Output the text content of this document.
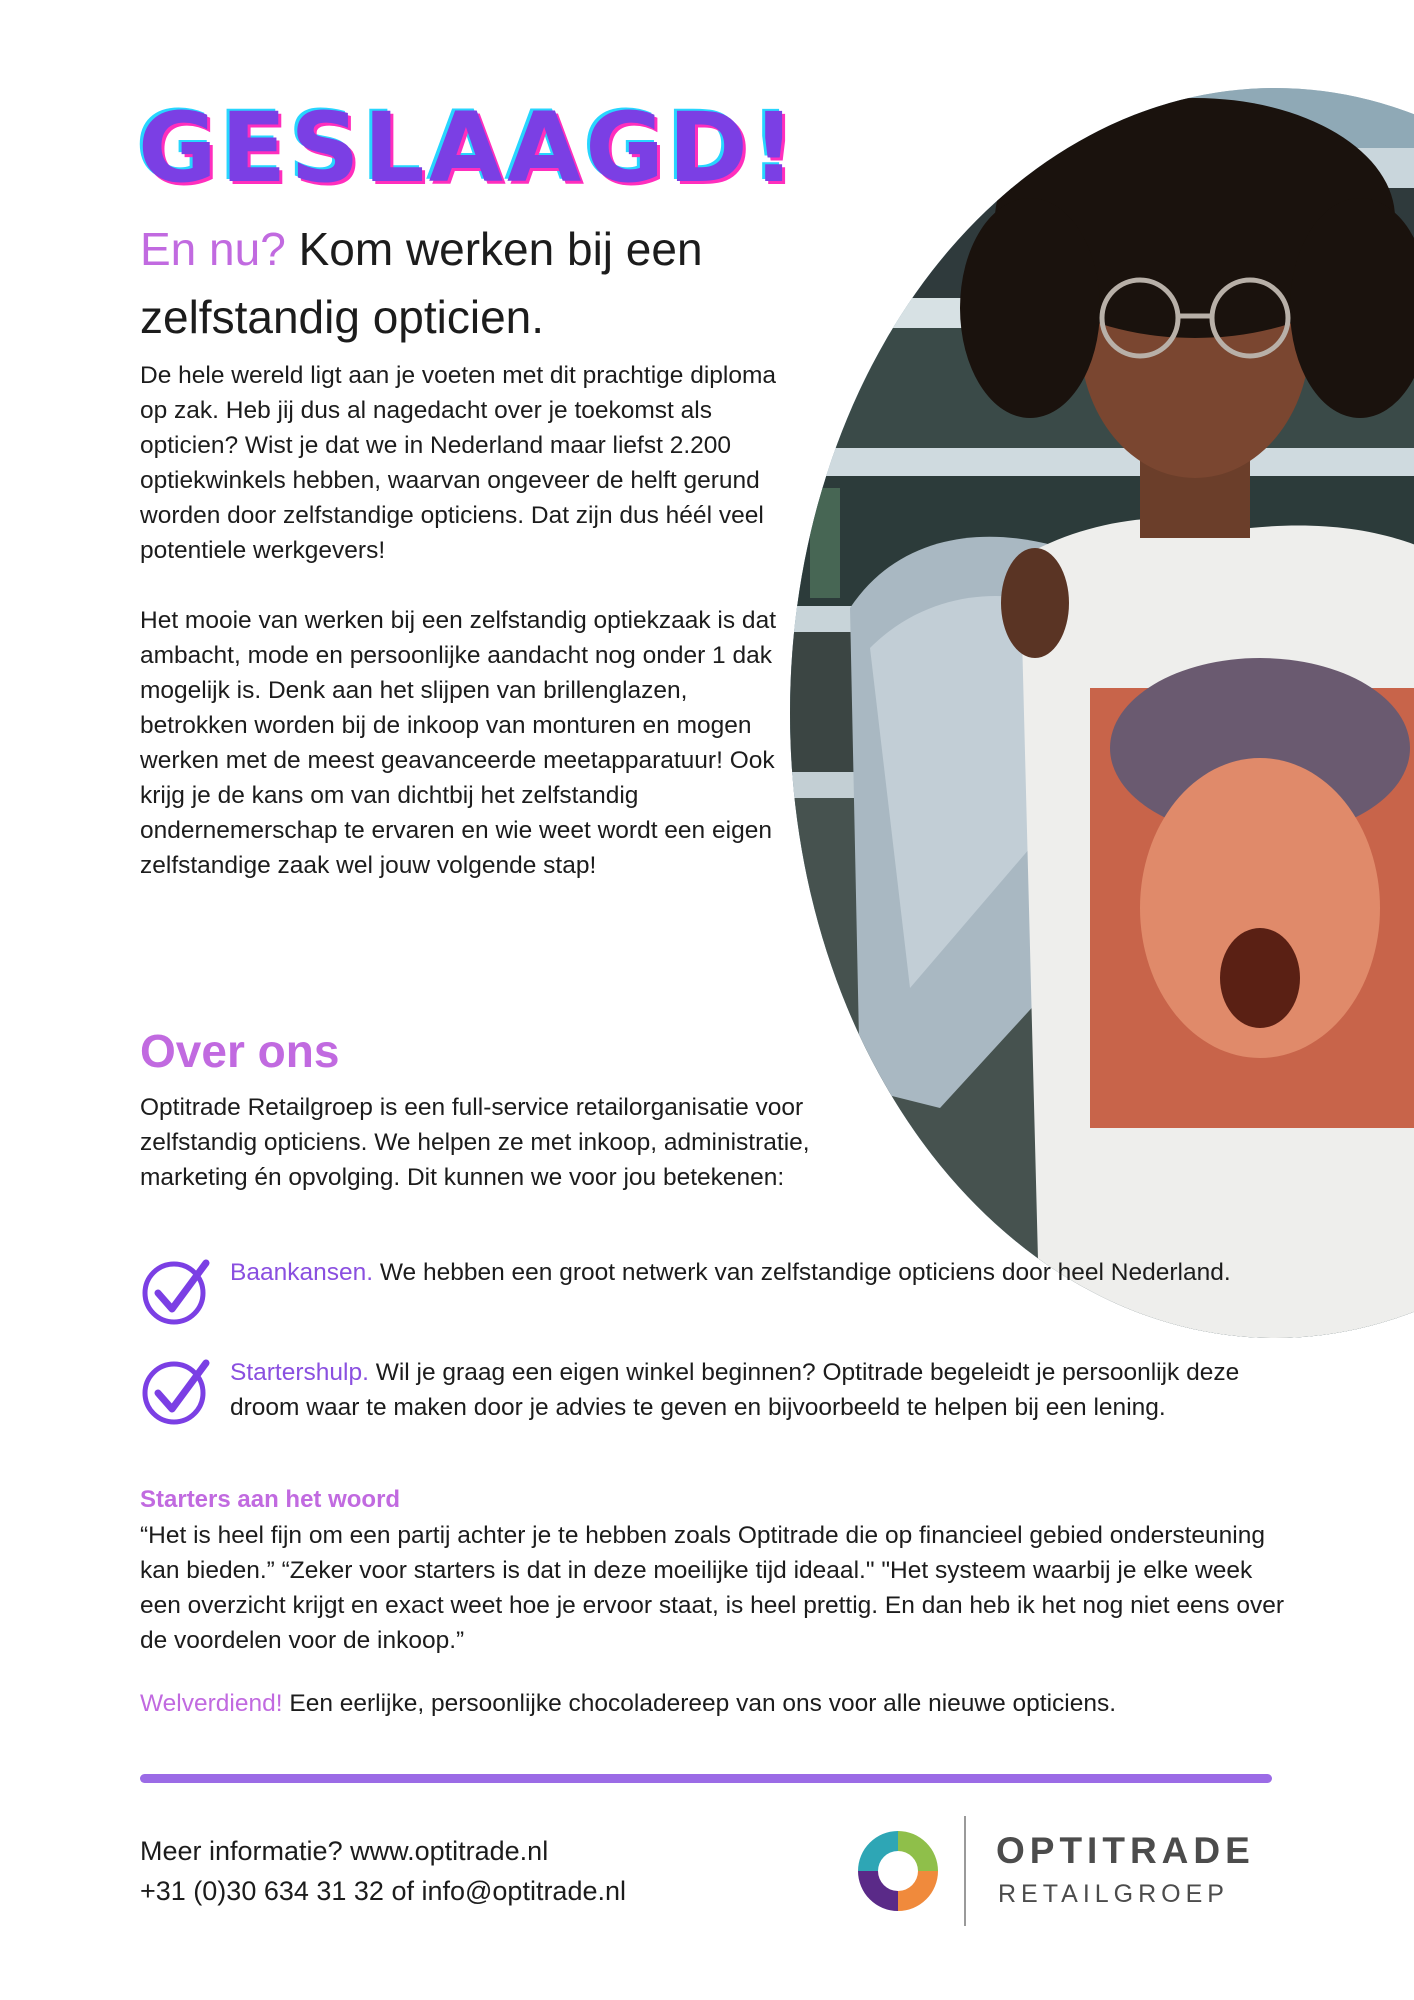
GESLAAGD!
En nu? Kom werken bij een zelfstandig opticien.

De hele wereld ligt aan je voeten met dit prachtige diploma op zak. Heb jij dus al nagedacht over je toekomst als opticien? Wist je dat we in Nederland maar liefst 2.200 optiekwinkels hebben, waarvan ongeveer de helft gerund worden door zelfstandige opticiens. Dat zijn dus héél veel potentiele werkgevers!

Het mooie van werken bij een zelfstandig optiekzaak is dat ambacht, mode en persoonlijke aandacht nog onder 1 dak mogelijk is. Denk aan het slijpen van brillenglazen, betrokken worden bij de inkoop van monturen en mogen werken met de meest geavanceerde meetapparatuur! Ook krijg je de kans om van dichtbij het zelfstandig ondernemerschap te ervaren en wie weet wordt een eigen zelfstandige zaak wel jouw volgende stap!

Over ons

Optitrade Retailgroep is een full-service retailorganisatie voor zelfstandig opticiens. We helpen ze met inkoop, administratie, marketing én opvolging. Dit kunnen we voor jou betekenen:

Baankansen. We hebben een groot netwerk van zelfstandige opticiens door heel Nederland.

Startershulp. Wil je graag een eigen winkel beginnen? Optitrade begeleidt je persoonlijk deze droom waar te maken door je advies te geven en bijvoorbeeld te helpen bij een lening.

Starters aan het woord

“Het is heel fijn om een partij achter je te hebben zoals Optitrade die op financieel gebied ondersteuning kan bieden.” “Zeker voor starters is dat in deze moeilijke tijd ideaal." "Het systeem waarbij je elke week een overzicht krijgt en exact weet hoe je ervoor staat, is heel prettig. En dan heb ik het nog niet eens over de voordelen voor de inkoop.”

Welverdiend! Een eerlijke, persoonlijke chocoladereep van ons voor alle nieuwe opticiens.

Meer informatie? www.optitrade.nl
+31 (0)30 634 31 32 of info@optitrade.nl
OPTITRADE
RETAILGROEP
